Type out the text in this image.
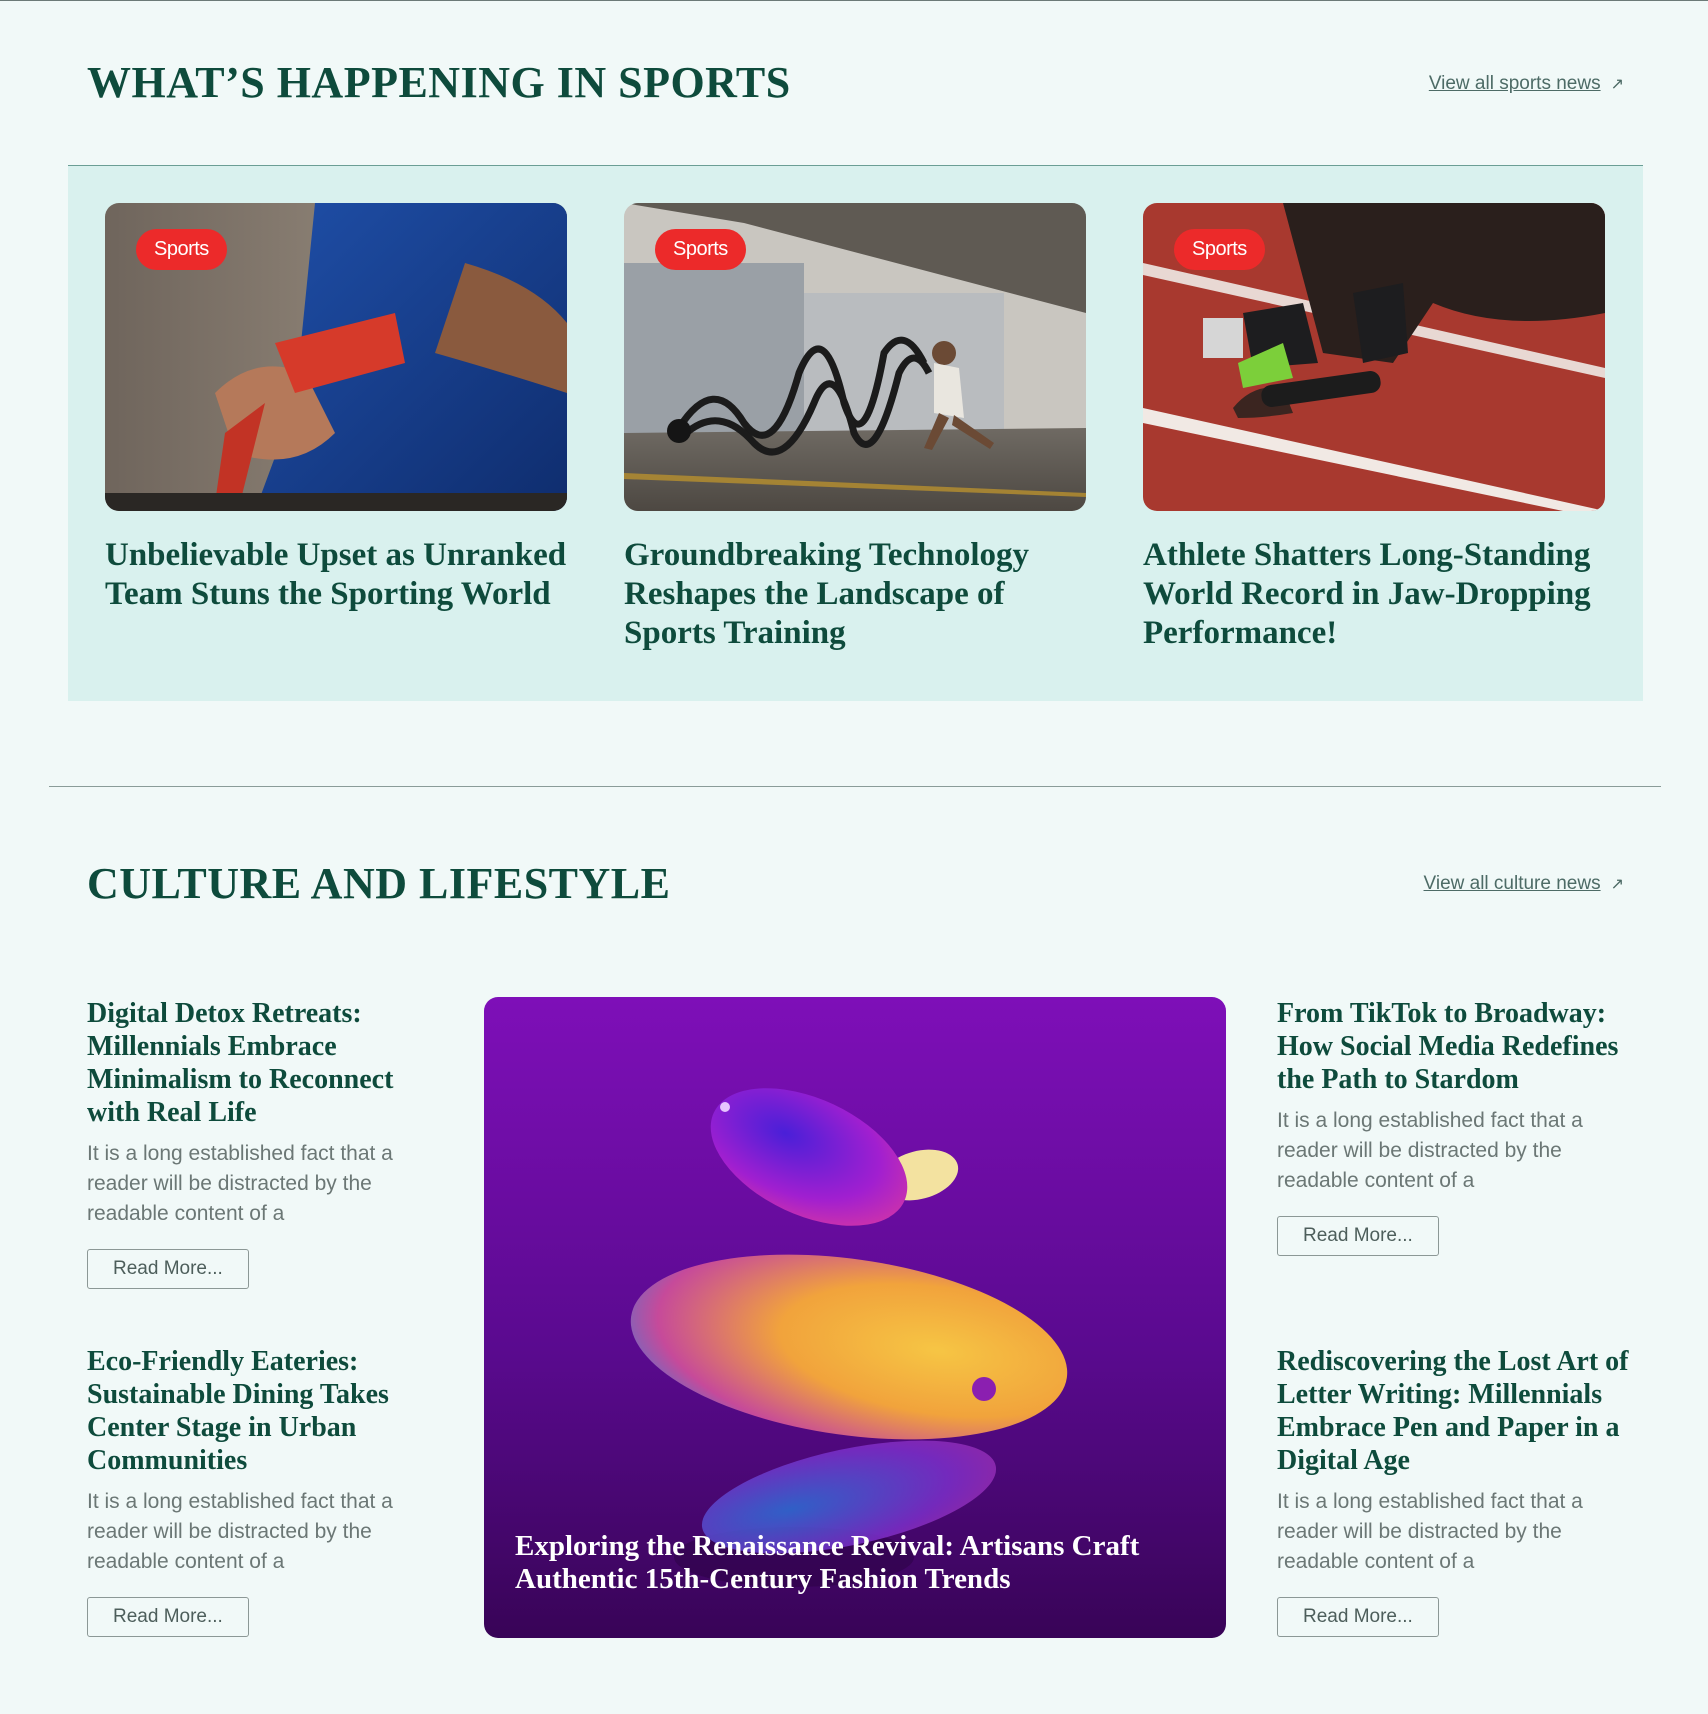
WHAT’S HAPPENING IN SPORTS	View all sports news ↗
Sports
Unbelievable Upset as Unranked Team Stuns the Sporting World
Sports
Groundbreaking Technology Reshapes the Landscape of Sports Training
Sports
Athlete Shatters Long-Standing World Record in Jaw-Dropping Performance!
CULTURE AND LIFESTYLE	View all culture news ↗
Digital Detox Retreats: Millennials Embrace Minimalism to Reconnect with Real Life
It is a long established fact that a reader will be distracted by the readable content of a
Read More...
Eco-Friendly Eateries: Sustainable Dining Takes Center Stage in Urban Communities
It is a long established fact that a reader will be distracted by the readable content of a
Read More...
Exploring the Renaissance Revival: Artisans Craft Authentic 15th-Century Fashion Trends
From TikTok to Broadway: How Social Media Redefines the Path to Stardom
It is a long established fact that a reader will be distracted by the readable content of a
Read More...
Rediscovering the Lost Art of Letter Writing: Millennials Embrace Pen and Paper in a Digital Age
It is a long established fact that a reader will be distracted by the readable content of a
Read More...
